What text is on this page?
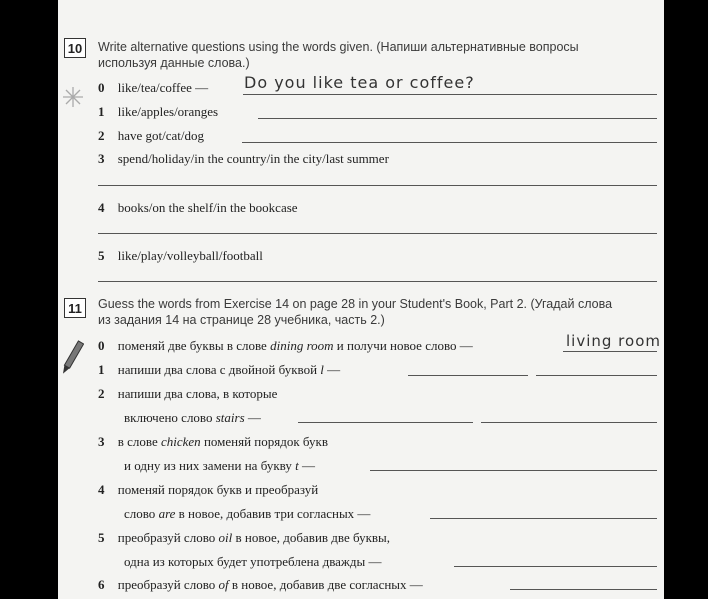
10	Write alternative questions using the words given. (Напиши альтернативные вопросы
используя данные слова.)
0 like/tea/coffee — Do you like tea or coffee?
1 like/apples/oranges
2 have got/cat/dog
3 spend/holiday/in the country/in the city/last summer
4 books/on the shelf/in the bookcase
5 like/play/volleyball/football
11	Guess the words from Exercise 14 on page 28 in your Student's Book, Part 2. (Угадай слова
из задания 14 на странице 28 учебника, часть 2.)
0 поменяй две буквы в слове dining room и получи новое слово —	living room
1 напиши два слова с двойной буквой l —
2 напиши два слова, в которые
включено слово stairs —
3 в слове chicken поменяй порядок букв
и одну из них замени на букву t —
4 поменяй порядок букв и преобразуй
слово are в новое, добавив три согласных —
5 преобразуй слово oil в новое, добавив две буквы,
одна из которых будет употреблена дважды —
6 преобразуй слово of в новое, добавив две согласных —
